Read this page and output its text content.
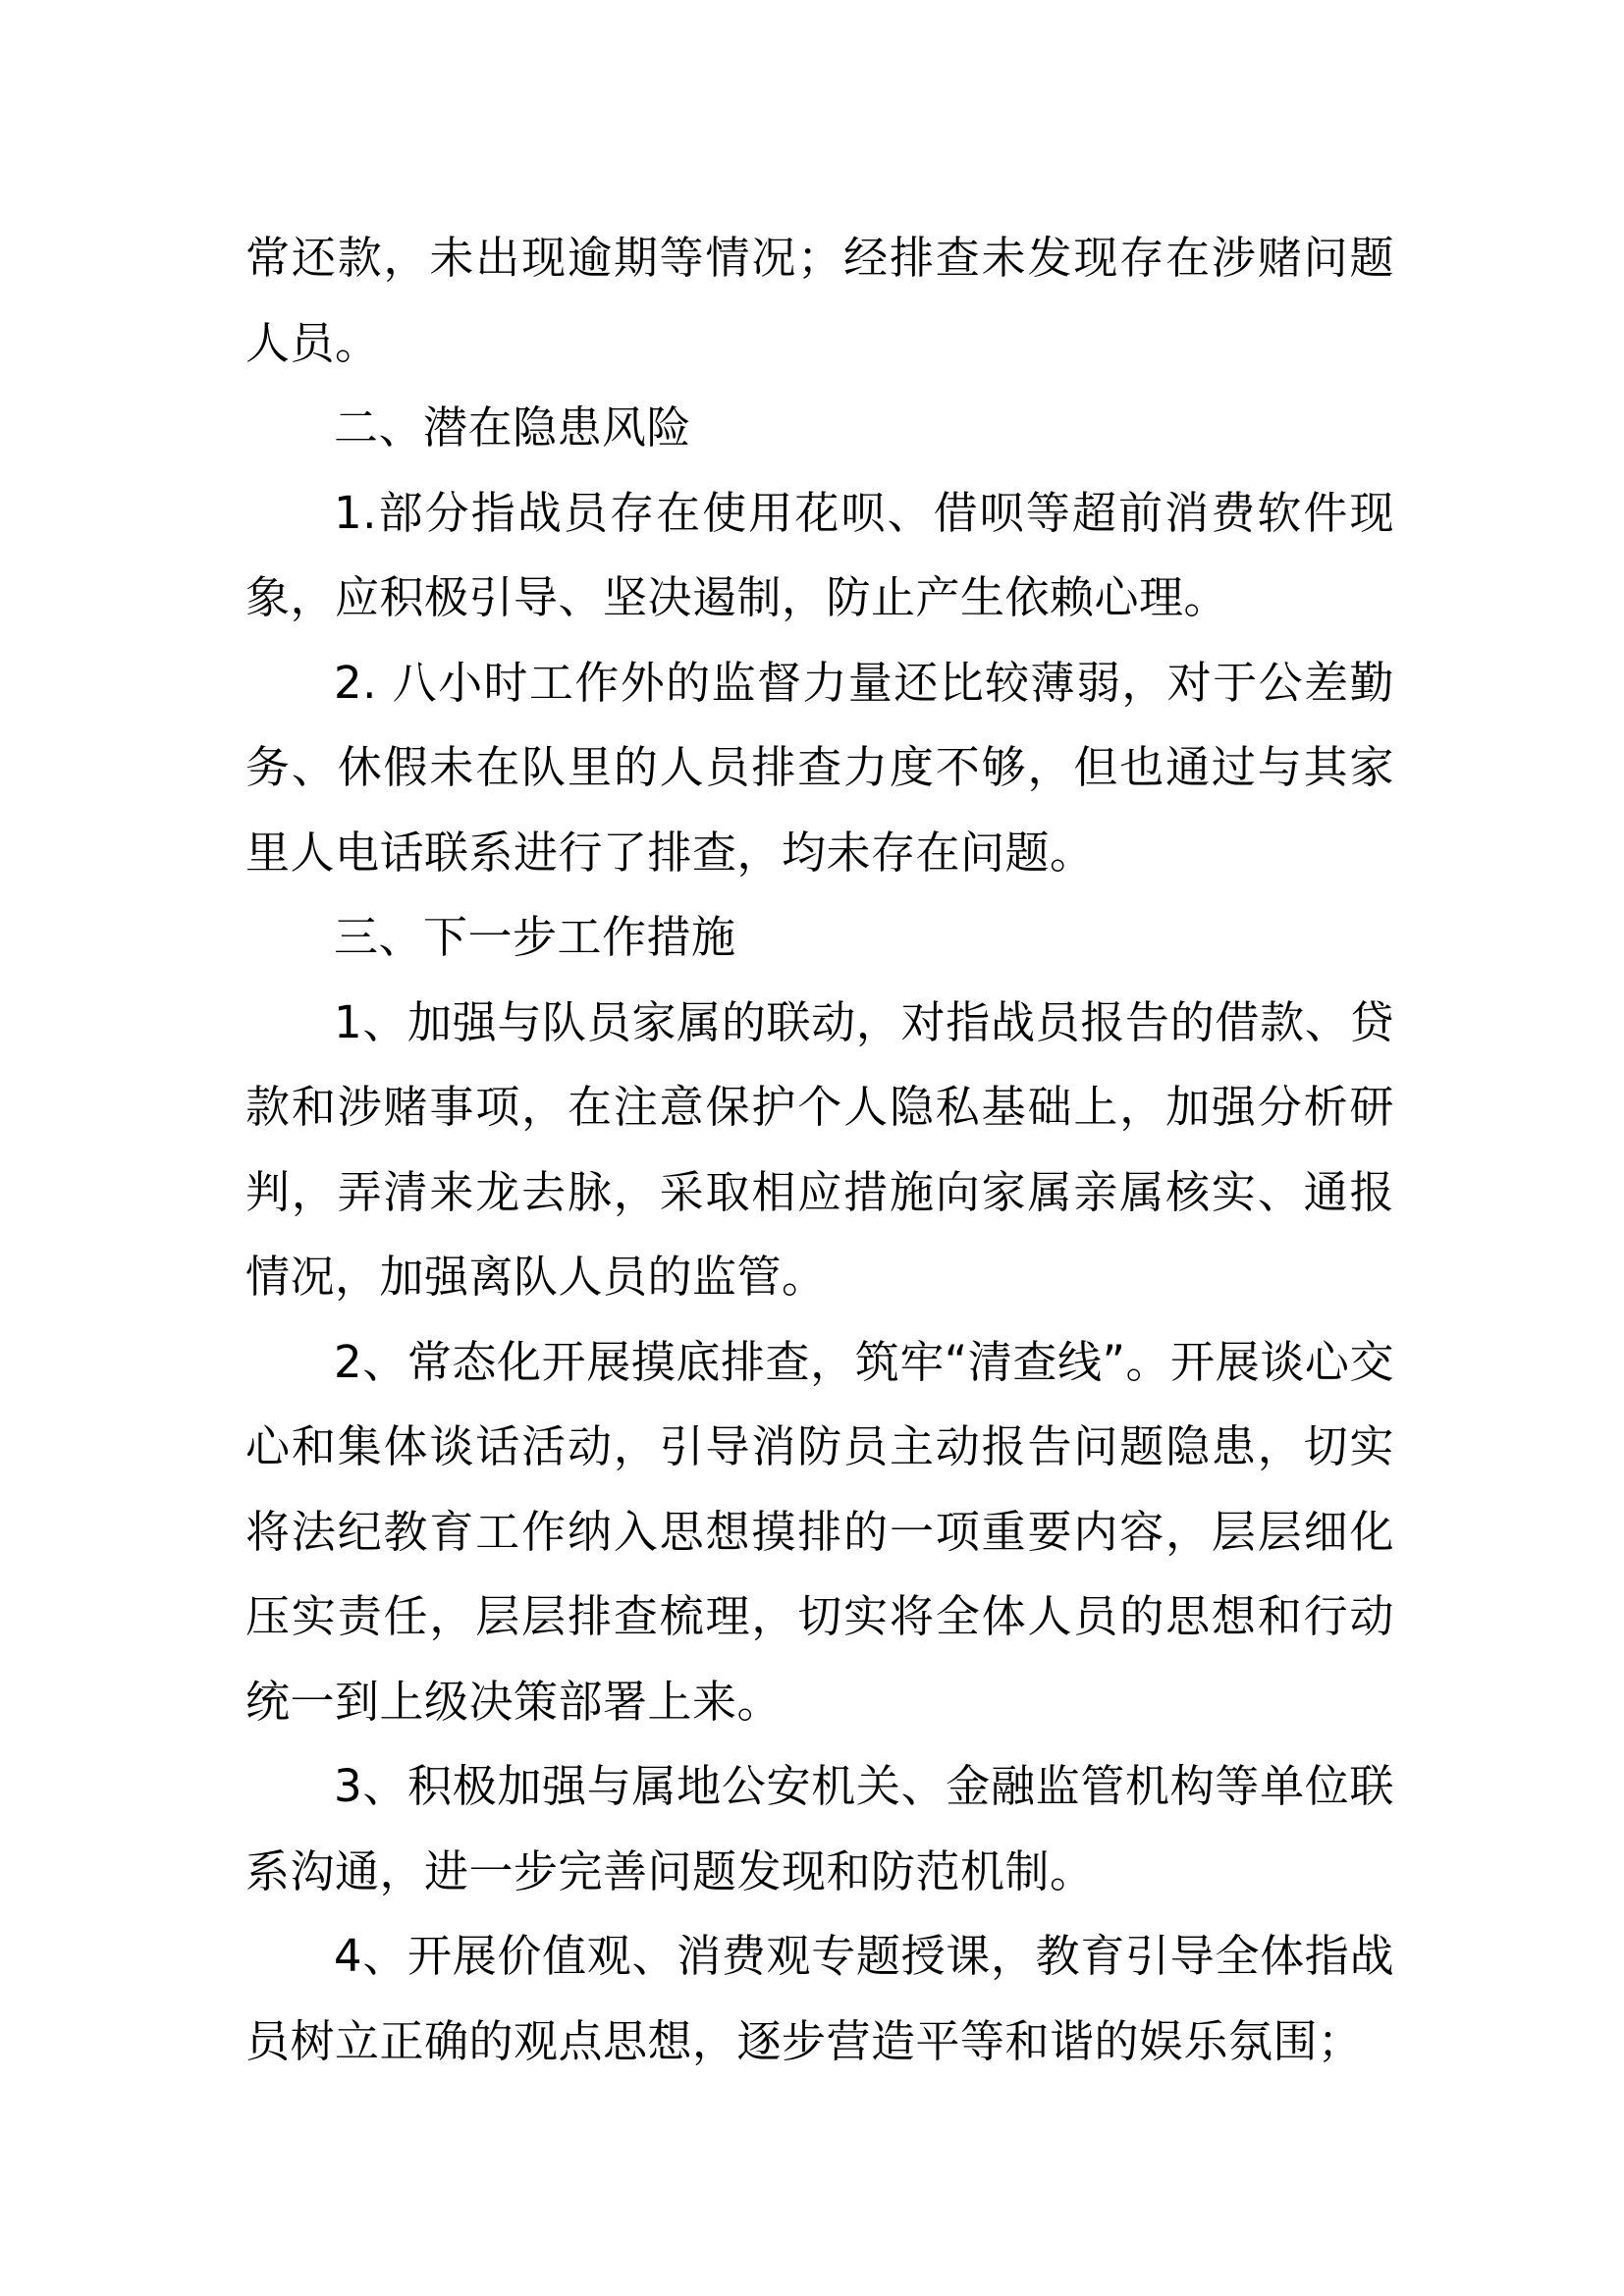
常还款，未出现逾期等情况；经排查未发现存在涉赌问题人员。

二、潜在隐患风险

1.部分指战员存在使用花呗、借呗等超前消费软件现象，应积极引导、坚决遏制，防止产生依赖心理。

2. 八小时工作外的监督力量还比较薄弱，对于公差勤务、休假未在队里的人员排查力度不够，但也通过与其家里人电话联系进行了排查，均未存在问题。

三、下一步工作措施

1、加强与队员家属的联动，对指战员报告的借款、贷款和涉赌事项，在注意保护个人隐私基础上，加强分析研判，弄清来龙去脉，采取相应措施向家属亲属核实、通报情况，加强离队人员的监管。

2、常态化开展摸底排查，筑牢“清查线”。开展谈心交心和集体谈话活动，引导消防员主动报告问题隐患，切实将法纪教育工作纳入思想摸排的一项重要内容，层层细化压实责任，层层排查梳理，切实将全体人员的思想和行动统一到上级决策部署上来。

3、积极加强与属地公安机关、金融监管机构等单位联系沟通，进一步完善问题发现和防范机制。

4、开展价值观、消费观专题授课，教育引导全体指战员树立正确的观点思想，逐步营造平等和谐的娱乐氛围；
